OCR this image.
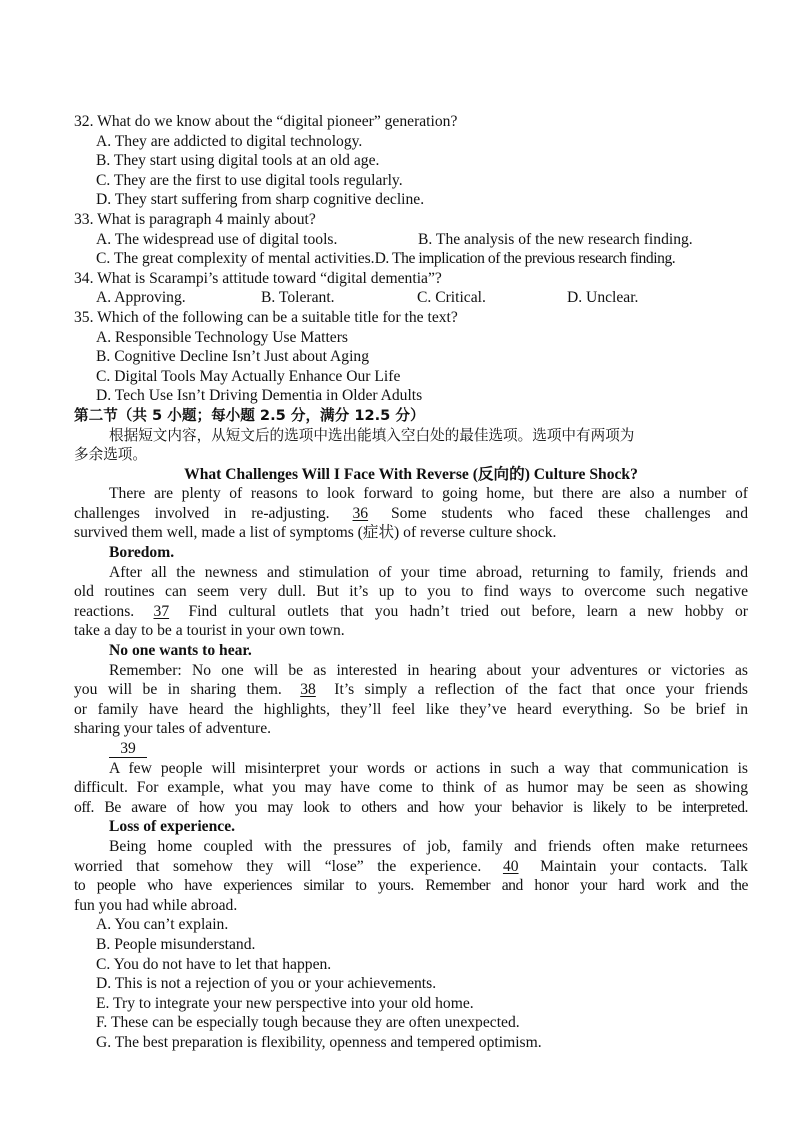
32. What do we know about the “digital pioneer” generation?
A. They are addicted to digital technology.
B. They start using digital tools at an old age.
C. They are the first to use digital tools regularly.
D. They start suffering from sharp cognitive decline.
33. What is paragraph 4 mainly about?
A. The widespread use of digital tools.	B. The analysis of the new research finding.
C. The great complexity of mental activities. D. The implication of the previous research finding.
34. What is Scarampi’s attitude toward “digital dementia”?
A. Approving.	B. Tolerant.	C. Critical.	D. Unclear.
35. Which of the following can be a suitable title for the text?
A. Responsible Technology Use Matters
B. Cognitive Decline Isn’t Just about Aging
C. Digital Tools May Actually Enhance Our Life
D. Tech Use Isn’t Driving Dementia in Older Adults
第二节（共 5 小题；每小题 2.5 分，满分 12.5 分）
根据短文内容，从短文后的选项中选出能填入空白处的最佳选项。选项中有两项为
多余选项。
What Challenges Will I Face With Reverse (反向的) Culture Shock?
There are plenty of reasons to look forward to going home, but there are also a number of
challenges involved in re-adjusting. 36 Some students who faced these challenges and
survived them well, made a list of symptoms (症状) of reverse culture shock.
Boredom.
After all the newness and stimulation of your time abroad, returning to family, friends and
old routines can seem very dull. But it’s up to you to find ways to overcome such negative
reactions. 37 Find cultural outlets that you hadn’t tried out before, learn a new hobby or
take a day to be a tourist in your own town.
No one wants to hear.
Remember: No one will be as interested in hearing about your adventures or victories as
you will be in sharing them. 38 It’s simply a reflection of the fact that once your friends
or family have heard the highlights, they’ll feel like they’ve heard everything. So be brief in
sharing your tales of adventure.
39
A few people will misinterpret your words or actions in such a way that communication is
difficult. For example, what you may have come to think of as humor may be seen as showing
off. Be aware of how you may look to others and how your behavior is likely to be interpreted.
Loss of experience.
Being home coupled with the pressures of job, family and friends often make returnees
worried that somehow they will “lose” the experience. 40 Maintain your contacts. Talk
to people who have experiences similar to yours. Remember and honor your hard work and the
fun you had while abroad.
A. You can’t explain.
B. People misunderstand.
C. You do not have to let that happen.
D. This is not a rejection of you or your achievements.
E. Try to integrate your new perspective into your old home.
F. These can be especially tough because they are often unexpected.
G. The best preparation is flexibility, openness and tempered optimism.
